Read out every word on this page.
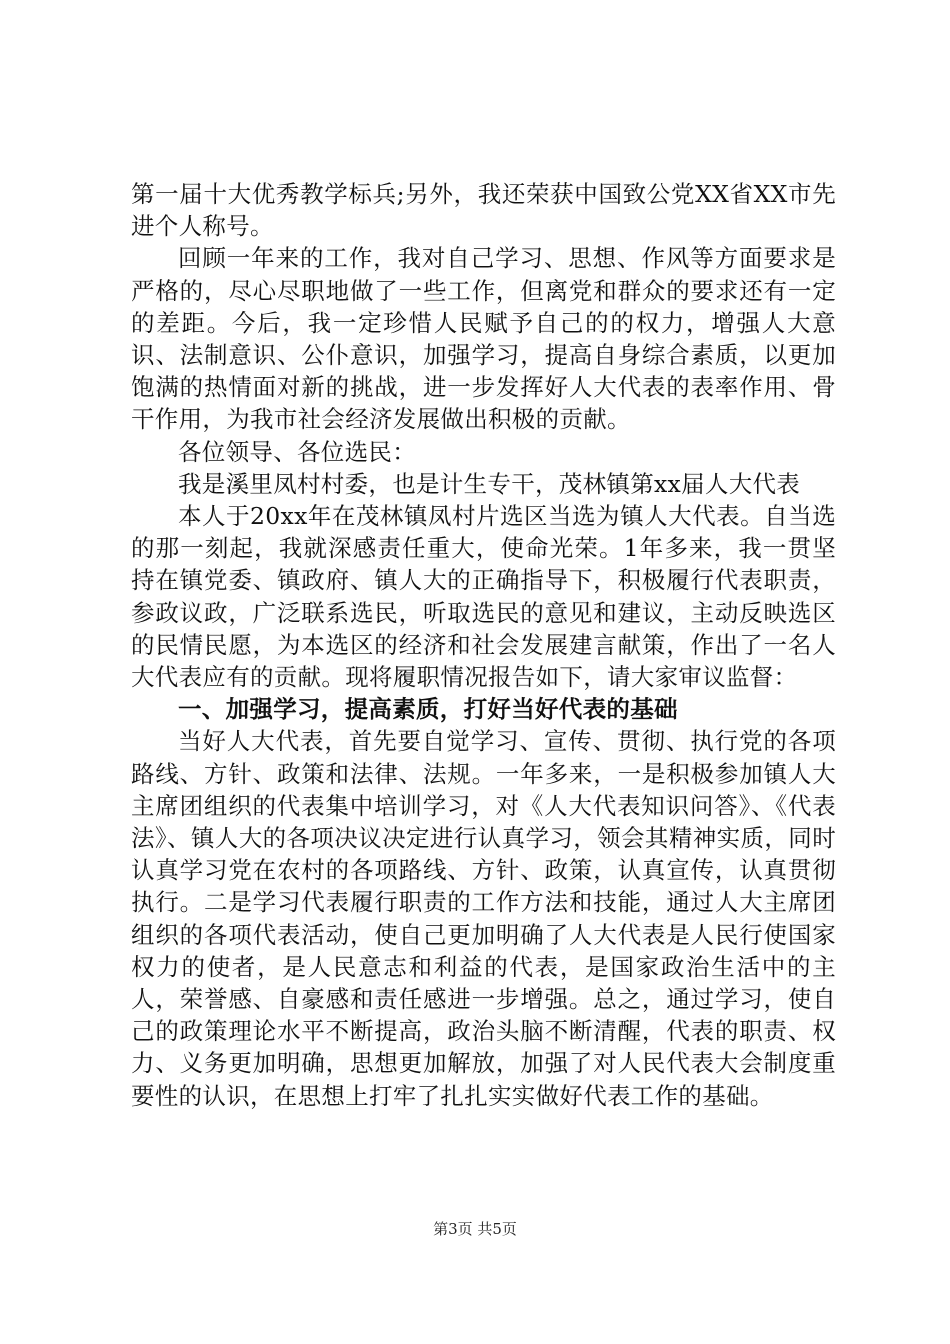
第一届十大优秀教学标兵;另外，我还荣获中国致公党XX省XX市先进个人称号。

回顾一年来的工作，我对自己学习、思想、作风等方面要求是严格的，尽心尽职地做了一些工作，但离党和群众的要求还有一定的差距。今后，我一定珍惜人民赋予自己的的权力，增强人大意识、法制意识、公仆意识，加强学习，提高自身综合素质，以更加饱满的热情面对新的挑战，进一步发挥好人大代表的表率作用、骨干作用，为我市社会经济发展做出积极的贡献。

各位领导、各位选民：

我是溪里凤村村委，也是计生专干，茂林镇第xx届人大代表

本人于20xx年在茂林镇凤村片选区当选为镇人大代表。自当选的那一刻起，我就深感责任重大，使命光荣。1年多来，我一贯坚持在镇党委、镇政府、镇人大的正确指导下，积极履行代表职责，参政议政，广泛联系选民，听取选民的意见和建议，主动反映选区的民情民愿，为本选区的经济和社会发展建言献策，作出了一名人大代表应有的贡献。现将履职情况报告如下，请大家审议监督：

一、加强学习，提高素质，打好当好代表的基础

当好人大代表，首先要自觉学习、宣传、贯彻、执行党的各项路线、方针、政策和法律、法规。一年多来，一是积极参加镇人大主席团组织的代表集中培训学习，对《人大代表知识问答》、《代表法》、镇人大的各项决议决定进行认真学习，领会其精神实质，同时认真学习党在农村的各项路线、方针、政策，认真宣传，认真贯彻执行。二是学习代表履行职责的工作方法和技能，通过人大主席团组织的各项代表活动，使自己更加明确了人大代表是人民行使国家权力的使者，是人民意志和利益的代表，是国家政治生活中的主人，荣誉感、自豪感和责任感进一步增强。总之，通过学习，使自己的政策理论水平不断提高，政治头脑不断清醒，代表的职责、权力、义务更加明确，思想更加解放，加强了对人民代表大会制度重要性的认识，在思想上打牢了扎扎实实做好代表工作的基础。

第3页 共5页
